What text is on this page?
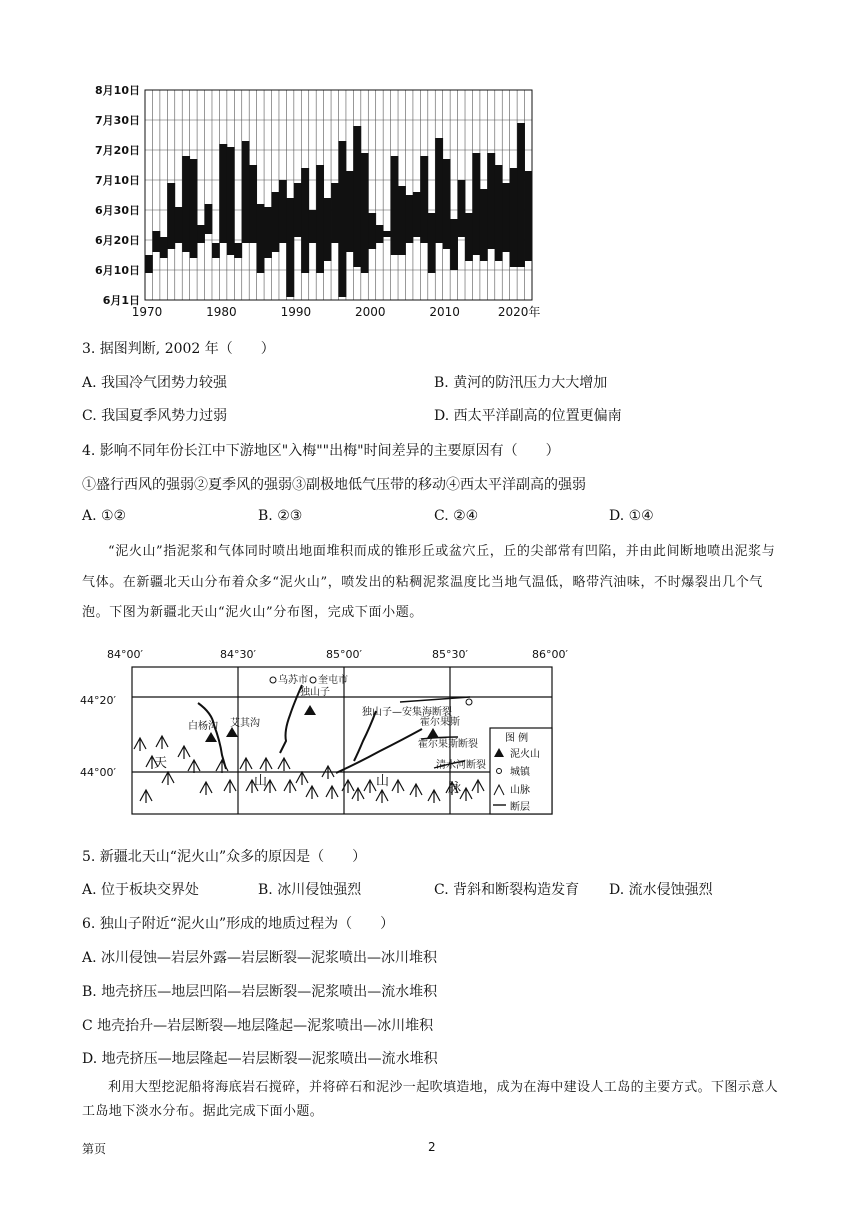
8月10日
7月30日
7月20日
7月10日
6月30日
6月20日
6月10日
6月1日
1970	1980	1990	2000	2010	2020年
3. 据图判断, 2002 年（　　）
A. 我国冷气团势力较强	B. 黄河的防汛压力大大增加
C. 我国夏季风势力过弱	D. 西太平洋副高的位置更偏南
4. 影响不同年份长江中下游地区"入梅""出梅"时间差异的主要原因有（　　）
①盛行西风的强弱②夏季风的强弱③副极地低气压带的移动④西太平洋副高的强弱
A. ①②	B. ②③	C. ②④	D. ①④
“泥火山”指泥浆和气体同时喷出地面堆积而成的锥形丘或盆穴丘，丘的尖部常有凹陷，并由此间断地喷出泥浆与气体。在新疆北天山分布着众多“泥火山”，喷发出的粘稠泥浆温度比当地气温低，略带汽油味，不时爆裂出几个气泡。下图为新疆北天山“泥火山”分布图，完成下面小题。
84°00′	84°30′	85°00′	85°30′	86°00′
44°20′
44°00′
乌苏市 奎屯市
独山子
白杨沟 艾其沟
独山子—安集海断裂
霍尔果斯
霍尔果斯断裂
清水河断裂
天
山	山	脉
图 例
泥火山
城镇
山脉
断层
5. 新疆北天山“泥火山”众多的原因是（　　）
A. 位于板块交界处	B. 冰川侵蚀强烈	C. 背斜和断裂构造发育 D. 流水侵蚀强烈
6. 独山子附近“泥火山”形成的地质过程为（　　）
A. 冰川侵蚀—岩层外露—岩层断裂—泥浆喷出—冰川堆积
B. 地壳挤压—地层凹陷—岩层断裂—泥浆喷出—流水堆积
C 地壳抬升—岩层断裂—地层隆起—泥浆喷出—冰川堆积
D. 地壳挤压—地层隆起—岩层断裂—泥浆喷出—流水堆积
利用大型挖泥船将海底岩石搅碎，并将碎石和泥沙一起吹填造地，成为在海中建设人工岛的主要方式。下图示意人工岛地下淡水分布。据此完成下面小题。
第页	2
